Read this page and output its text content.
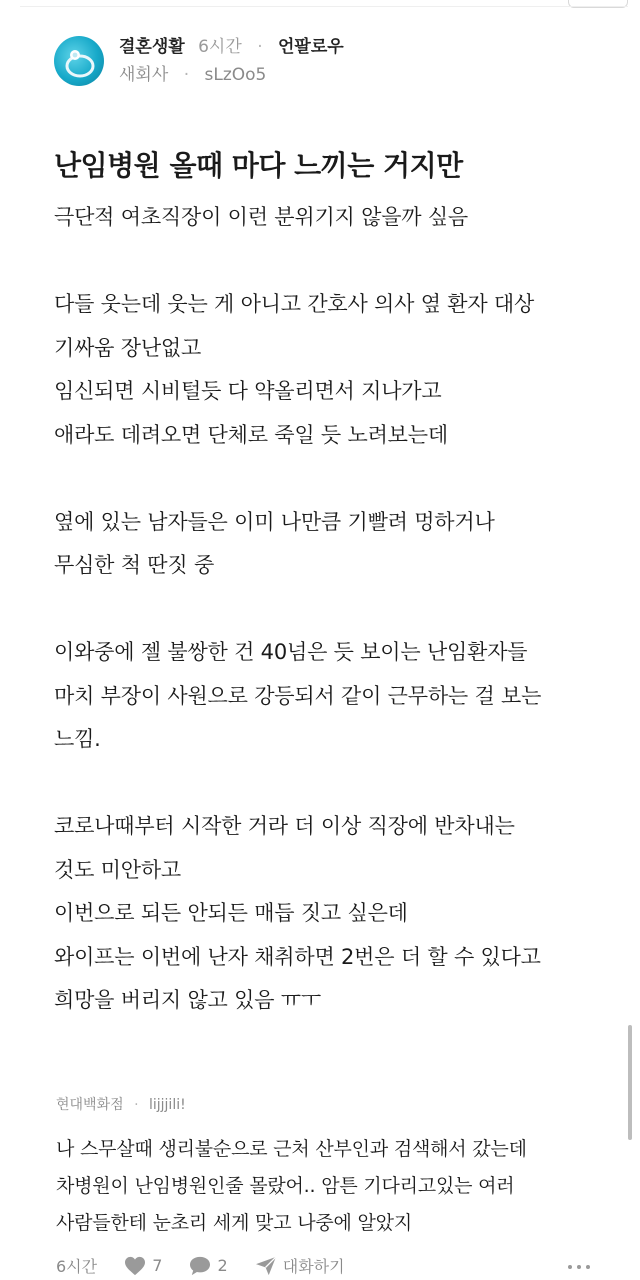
결혼생활 6시간 · 언팔로우
새회사 · sLzOo5
난임병원 올때 마다 느끼는 거지만
극단적 여초직장이 이런 분위기지 않을까 싶음
다들 웃는데 웃는 게 아니고 간호사 의사 옆 환자 대상
기싸움 장난없고
임신되면 시비털듯 다 약올리면서 지나가고
애라도 데려오면 단체로 죽일 듯 노려보는데
옆에 있는 남자들은 이미 나만큼 기빨려 멍하거나
무심한 척 딴짓 중
이와중에 젤 불쌍한 건 40넘은 듯 보이는 난임환자들
마치 부장이 사원으로 강등되서 같이 근무하는 걸 보는
느낌.
코로나때부터 시작한 거라 더 이상 직장에 반차내는
것도 미안하고
이번으로 되든 안되든 매듭 짓고 싶은데
와이프는 이번에 난자 채취하면 2번은 더 할 수 있다고
희망을 버리지 않고 있음 ㅠㅜ
현대백화점 · lijjjili!
나 스무살때 생리불순으로 근처 산부인과 검색해서 갔는데
차병원이 난임병원인줄 몰랐어.. 암튼 기다리고있는 여러
사람들한테 눈초리 세게 맞고 나중에 알았지
6시간
	7
	2
	대화하기
